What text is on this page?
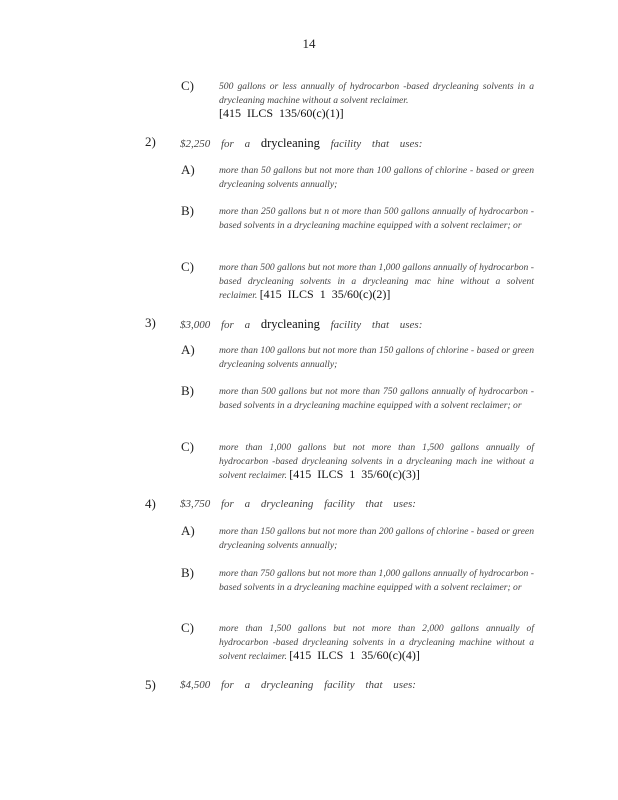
14
C)	500 gallons or less annually of hydrocarbon -based drycleaning solvents in a drycleaning machine without a solvent reclaimer.
[415 ILCS 135/60(c)(1)]
2) $2,250 for a drycleaning facility that uses:
A)	more than 50 gallons but not more than 100 gallons of chlorine - based or green drycleaning solvents annually;
B)	more than 250 gallons but n ot more than 500 gallons annually of hydrocarbon -based solvents in a drycleaning machine equipped with a solvent reclaimer; or
C)	more than 500 gallons but not more than 1,000 gallons annually of hydrocarbon -based drycleaning solvents in a drycleaning mac hine without a solvent reclaimer. [415 ILCS 1 35/60(c)(2)]
3) $3,000 for a drycleaning facility that uses:
A)	more than 100 gallons but not more than 150 gallons of chlorine - based or green drycleaning solvents annually;
B)	more than 500 gallons but not more than 750 gallons annually of hydrocarbon -based solvents in a drycleaning machine equipped with a solvent reclaimer; or
C)	more than 1,000 gallons but not more than 1,500 gallons annually of hydrocarbon -based drycleaning solvents in a drycleaning mach ine without a solvent reclaimer. [415 ILCS 1 35/60(c)(3)]
4) $3,750 for a drycleaning facility that uses:
A)	more than 150 gallons but not more than 200 gallons of chlorine - based or green drycleaning solvents annually;
B)	more than 750 gallons but not more than 1,000 gallons annually of hydrocarbon -based solvents in a drycleaning machine equipped with a solvent reclaimer; or
C)	more than 1,500 gallons but not more than 2,000 gallons annually of hydrocarbon -based drycleaning solvents in a drycleaning machine without a solvent reclaimer. [415 ILCS 1 35/60(c)(4)]
5) $4,500 for a drycleaning facility that uses:
